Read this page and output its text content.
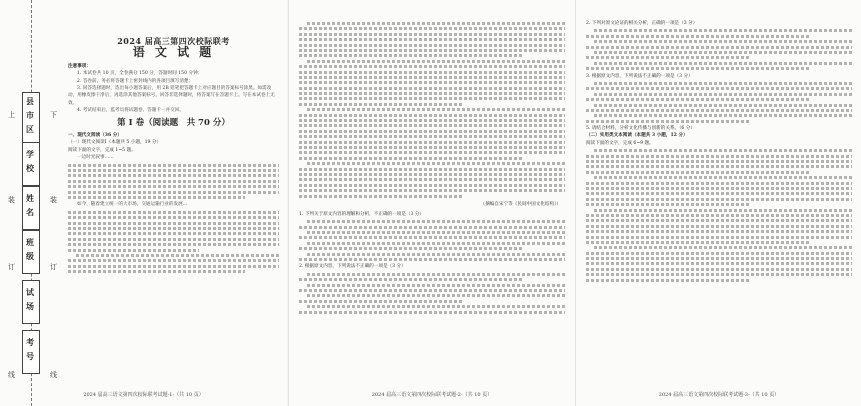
上	下
装
订
线
装
订
线
县市区
学校
姓名
班级
试场
考号
2024 届高三第四次校际联考
语 文 试 题
注意事项：

1. 本试卷共 10 页，全卷满分 150 分，答题时间 150 分钟；

2. 答卷前，务必将答题卡上密封线内的各项目填写清楚；

3. 回答选择题时，选出每小题答案后，用 2B 铅笔把答题卡上对应题目的答案标号涂黑。如需改动，用橡皮擦干净后，再选涂其他答案标号。回答非选择题时，将答案写在答题卡上。写在本试卷上无效。

4. 考试结束后，监考员将试题卷、答题卡一并交回。

第 Ⅰ 卷（阅读题　共 70 分）
一、现代文阅读（36 分）
（一）现代文阅读Ⅰ（本题共 5 小题，19 分）
阅读下面的文字，完成 1~5 题。

一边时光叙事……

如今，随着建立统一的大市场，交通运输行业的发展…

2024 届高三语文第四次校际联考试题-1-（共 10 页）
（摘编自宋宁等《民间中国文化结构》）
1. 下列关于原文内容的理解和分析，不正确的一项是（3 分）
2. 根据原文内容，下列说法不正确的一项是（3 分）
2024 届高三语文第四次校际联考试题-2-（共 10 页）
2. 下列对原文论证的相关分析，正确的一项是（3 分）
3. 根据原文内容，下列说法不正确的一项是（3 分）
5. 请结合材料，分析文化传播与创新的关系。（6 分）
（二）实用类文本阅读（本题共 3 小题，12 分）
阅读下面的文字，完成 6~9 题。
2024 届高三语文第四次校际联考试题-3-（共 10 页）
